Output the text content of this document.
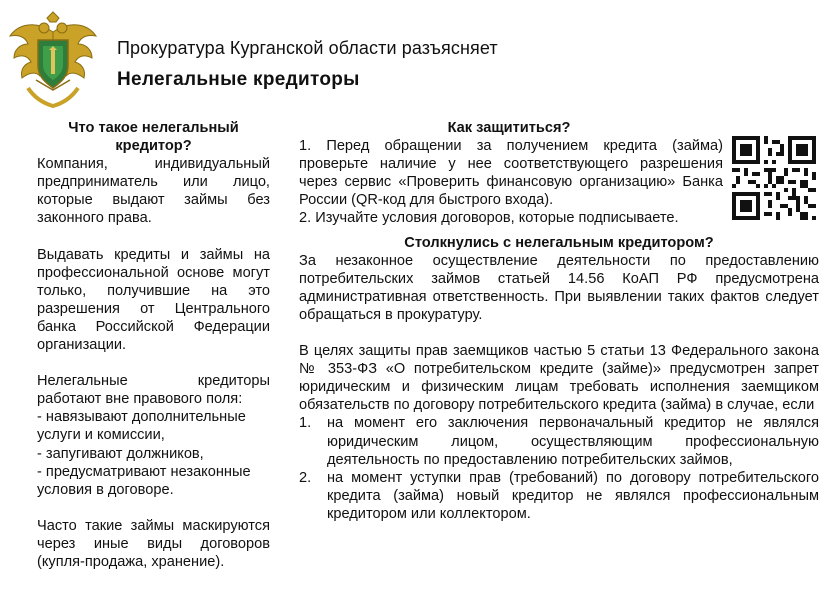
Прокуратура Курганской области разъясняет
Нелегальные кредиторы
Что такое нелегальный кредитор?

Компания, индивидуальный предприниматель или лицо, которые выдают займы без законного права.

Выдавать кредиты и займы на профессиональной основе могут только, получившие на это разрешения от Центрального банка Российской Федерации организации.

Нелегальные кредиторы работают вне правового поля:

- навязывают дополнительные услуги и комиссии,
- запугивают должников,
- предусматривают незаконные условия в договоре.

Часто такие займы маскируются через иные виды договоров (купля-продажа, хранение).

Как защититься?

1. Перед обращении за получением кредита (займа) проверьте наличие у нее соответствующего разрешения через сервис «Проверить финансовую организацию» Банка России (QR-код для быстрого входа).

2. Изучайте условия договоров, которые подписываете.

Столкнулись с нелегальным кредитором?

За незаконное осуществление деятельности по предоставлению потребительских займов статьей 14.56 КоАП РФ предусмотрена административная ответственность. При выявлении таких фактов следует обращаться в прокуратуру.

В целях защиты прав заемщиков частью 5 статьи 13 Федерального закона № 353-ФЗ «О потребительском кредите (займе)» предусмотрен запрет юридическим и физическим лицам требовать исполнения заемщиком обязательств по договору потребительского кредита (займа) в случае, если

1.	на момент его заключения первоначальный кредитор не являлся юридическим лицом, осуществляющим профессиональную деятельность по предоставлению потребительских займов,
2.	на момент уступки прав (требований) по договору потребительского кредита (займа) новый кредитор не являлся профессиональным кредитором или коллектором.
